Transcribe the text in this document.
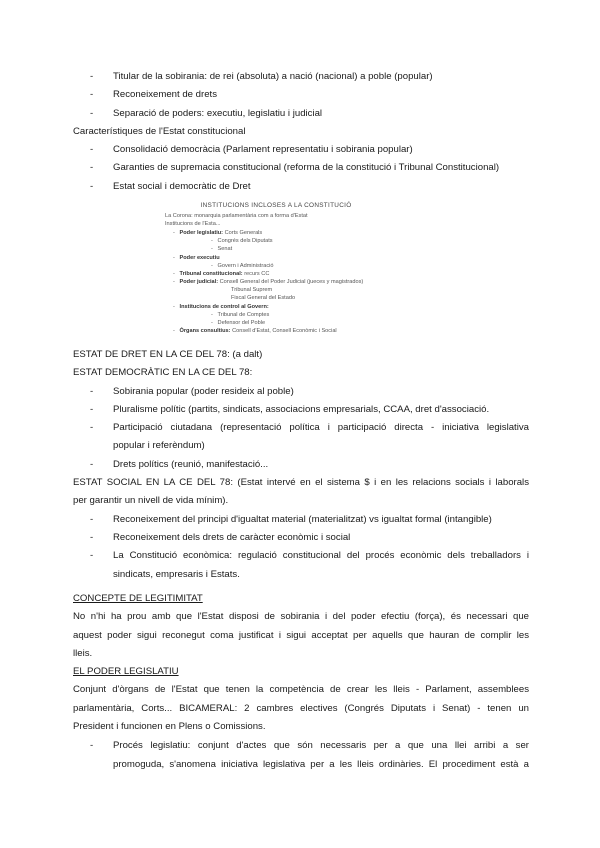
- Titular de la sobirania: de rei (absoluta) a nació (nacional) a poble (popular)
- Reconeixement de drets
- Separació de poders: executiu, legislatiu i judicial
Característiques de l'Estat constitucional
- Consolidació democràcia (Parlament representatiu i sobirania popular)
- Garanties de supremacia constitucional (reforma de la constitució i Tribunal Constitucional)
- Estat social i democràtic de Dret
INSTITUCIONS INCLOSES A LA CONSTITUCIÓ
La Corona: monarquia parlamentària com a forma d'Estat
Institucions de l'Esta...
-   Poder legislatiu: Corts Generals
-   Congrés dels Diputats
-   Senat
-   Poder executiu
-   Govern i Administració
-   Tribunal constitucional: recurs CC
-   Poder judicial: Consell General del Poder Judicial (jueces y magistrados)
Tribunal Suprem
Fiscal General del Estado
-   Institucions de control al Govern:
-   Tribunal de Comptes
-   Defensor del Poble
-   Òrgans consultius: Consell d'Estat, Consell Econòmic i Social
ESTAT DE DRET EN LA CE DEL 78: (a dalt)
ESTAT DEMOCRÀTIC EN LA CE DEL 78:
- Sobirania popular (poder resideix al poble)
- Pluralisme polític (partits, sindicats, associacions empresarials, CCAA, dret d'associació.
- Participació ciutadana (representació política i participació directa - iniciativa legislativa
popular i referèndum)
- Drets polítics (reunió, manifestació...
ESTAT SOCIAL EN LA CE DEL 78: (Estat intervé en el sistema $ i en les relacions socials i laborals
per garantir un nivell de vida mínim).
- Reconeixement del principi d'igualtat material (materialitzat) vs igualtat formal (intangible)
- Reconeixement dels drets de caràcter econòmic i social
- La Constitució econòmica: regulació constitucional del procés econòmic dels treballadors i
sindicats, empresaris i Estats.
CONCEPTE DE LEGITIMITAT
No n'hi ha prou amb que l'Estat disposi de sobirania i del poder efectiu (força), és necessari que
aquest poder sigui reconegut coma justificat i sigui acceptat per aquells que hauran de complir les
lleis.
EL PODER LEGISLATIU
Conjunt d'òrgans de l'Estat que tenen la competència de crear les lleis - Parlament, assemblees
parlamentària, Corts... BICAMERAL: 2 cambres electives (Congrés Diputats i Senat) - tenen un
President i funcionen en Plens o Comissions.
- Procés legislatiu: conjunt d'actes que són necessaris per a que una llei arribi a ser
promoguda, s'anomena iniciativa legislativa per a les lleis ordinàries. El procediment està a
